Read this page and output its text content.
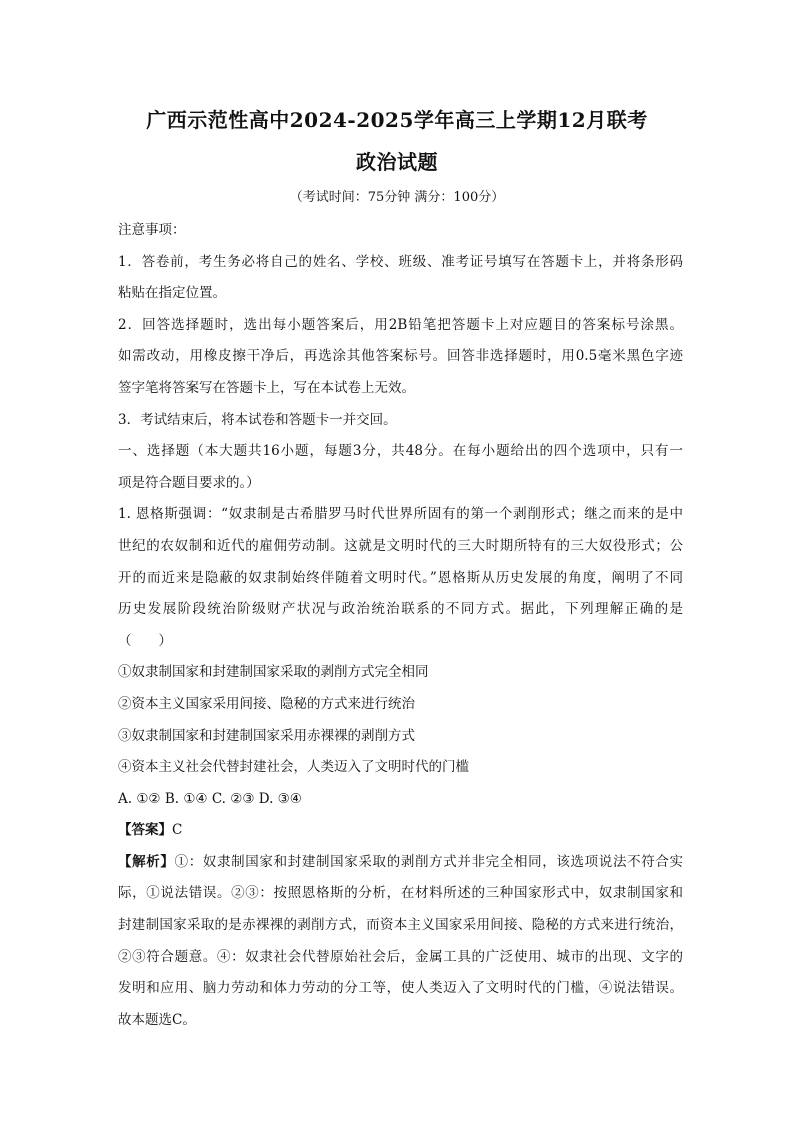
广西示范性高中2024-2025学年高三上学期12月联考
政治试题
（考试时间：75分钟 满分：100分）
注意事项：
1．答卷前，考生务必将自己的姓名、学校、班级、准考证号填写在答题卡上，并将条形码
粘贴在指定位置。
2．回答选择题时，选出每小题答案后，用2B铅笔把答题卡上对应题目的答案标号涂黑。
如需改动，用橡皮擦干净后，再选涂其他答案标号。回答非选择题时，用0.5毫米黑色字迹
签字笔将答案写在答题卡上，写在本试卷上无效。
3．考试结束后，将本试卷和答题卡一并交回。
一、选择题（本大题共16小题，每题3分，共48分。在每小题给出的四个选项中，只有一
项是符合题目要求的。）
1. 恩格斯强调：“奴隶制是古希腊罗马时代世界所固有的第一个剥削形式；继之而来的是中
世纪的农奴制和近代的雇佣劳动制。这就是文明时代的三大时期所特有的三大奴役形式；公
开的而近来是隐蔽的奴隶制始终伴随着文明时代。”恩格斯从历史发展的角度，阐明了不同
历史发展阶段统治阶级财产状况与政治统治联系的不同方式。据此，下列理解正确的是
（　　）
①奴隶制国家和封建制国家采取的剥削方式完全相同
②资本主义国家采用间接、隐秘的方式来进行统治
③奴隶制国家和封建制国家采用赤裸裸的剥削方式
④资本主义社会代替封建社会，人类迈入了文明时代的门槛
A. ①② B. ①④ C. ②③ D. ③④
【答案】C
【解析】①：奴隶制国家和封建制国家采取的剥削方式并非完全相同，该选项说法不符合实
际，①说法错误。②③：按照恩格斯的分析，在材料所述的三种国家形式中，奴隶制国家和
封建制国家采取的是赤裸裸的剥削方式，而资本主义国家采用间接、隐秘的方式来进行统治，
②③符合题意。④：奴隶社会代替原始社会后，金属工具的广泛使用、城市的出现、文字的
发明和应用、脑力劳动和体力劳动的分工等，使人类迈入了文明时代的门槛，④说法错误。
故本题选C。
